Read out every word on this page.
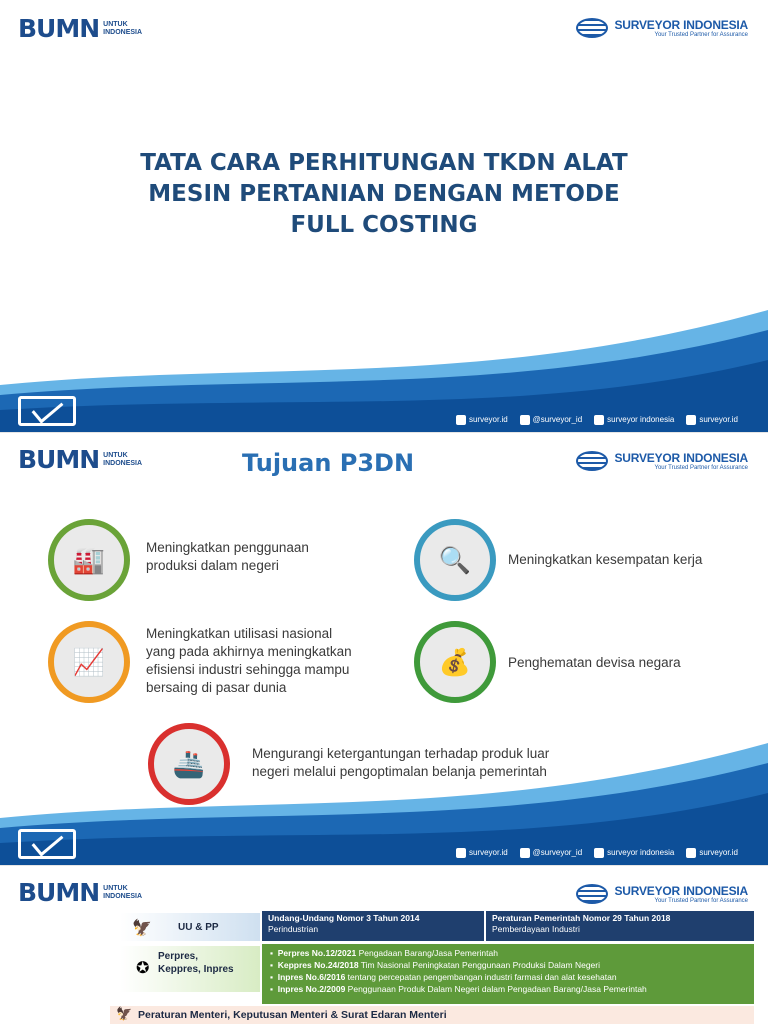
BUMN UNTUK
INDONESIA	SURVEYOR INDONESIA
Your Trusted Partner for Assurance
TATA CARA PERHITUNGAN TKDN ALAT
MESIN PERTANIAN DENGAN METODE
FULL COSTING
surveyor.id	@surveyor_id	surveyor indonesia	surveyor.id
BUMN UNTUK
INDONESIA	Tujuan P3DN	SURVEYOR INDONESIA
Your Trusted Partner for Assurance
🏭	Meningkatkan penggunaan
produksi dalam negeri	🔍	Meningkatkan kesempatan kerja
📈
Meningkatkan utilisasi nasional
yang pada akhirnya meningkatkan
efisiensi industri sehingga mampu
bersaing di pasar dunia
💰	Penghematan devisa negara
🚢	Mengurangi ketergantungan terhadap produk luar
negeri melalui pengoptimalan belanja pemerintah
surveyor.id	@surveyor_id	surveyor indonesia	surveyor.id
BUMN UNTUK
INDONESIA	SURVEYOR INDONESIA
Your Trusted Partner for Assurance
🦅	UU & PP
Undang-Undang Nomor 3 Tahun 2014
Perindustrian
Peraturan Pemerintah Nomor 29 Tahun 2018
Pemberdayaan Industri
✪
Perpres,
Keppres, Inpres
▪  Perpres No.12/2021 Pengadaan Barang/Jasa Pemerintah
▪  Keppres No.24/2018 Tim Nasional Peningkatan Penggunaan Produksi Dalam Negeri
▪  Inpres No.6/2016 tentang percepatan pengembangan industri farmasi dan alat kesehatan
▪  Inpres No.2/2009 Penggunaan Produk Dalam Negeri dalam Pengadaan Barang/Jasa Pemerintah
🦅 Peraturan Menteri, Keputusan Menteri & Surat Edaran Menteri
